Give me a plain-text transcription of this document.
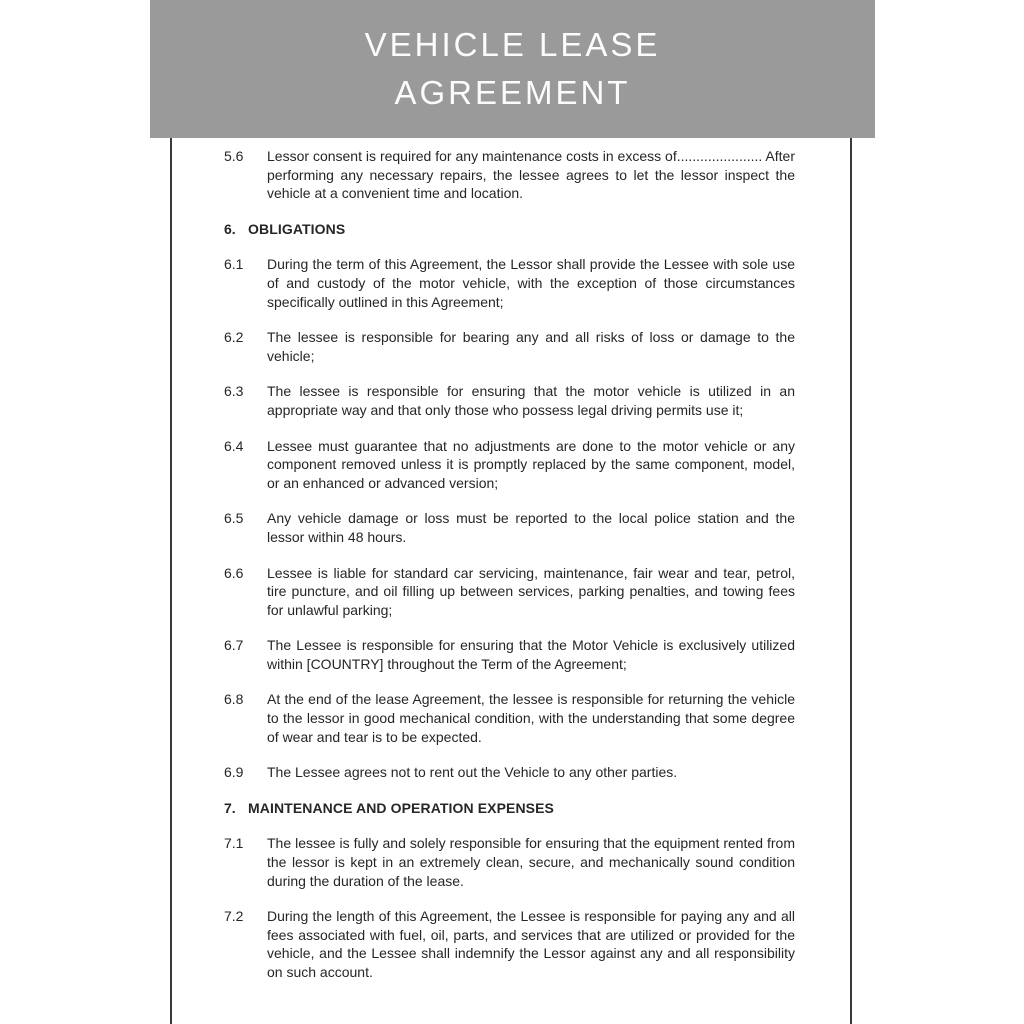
VEHICLE LEASE
AGREEMENT
5.6	Lessor consent is required for any maintenance costs in excess of...................... After performing any necessary repairs, the lessee agrees to let the lessor inspect the vehicle at a convenient time and location.

6. OBLIGATIONS

6.1	During the term of this Agreement, the Lessor shall provide the Lessee with sole use of and custody of the motor vehicle, with the exception of those circumstances specifically outlined in this Agreement;

6.2	The lessee is responsible for bearing any and all risks of loss or damage to the vehicle;

6.3	The lessee is responsible for ensuring that the motor vehicle is utilized in an appropriate way and that only those who possess legal driving permits use it;

6.4	Lessee must guarantee that no adjustments are done to the motor vehicle or any component removed unless it is promptly replaced by the same component, model, or an enhanced or advanced version;

6.5	Any vehicle damage or loss must be reported to the local police station and the lessor within 48 hours.

6.6	Lessee is liable for standard car servicing, maintenance, fair wear and tear, petrol, tire puncture, and oil filling up between services, parking penalties, and towing fees for unlawful parking;

6.7	The Lessee is responsible for ensuring that the Motor Vehicle is exclusively utilized within [COUNTRY] throughout the Term of the Agreement;

6.8	At the end of the lease Agreement, the lessee is responsible for returning the vehicle to the lessor in good mechanical condition, with the understanding that some degree of wear and tear is to be expected.

6.9	The Lessee agrees not to rent out the Vehicle to any other parties.

7. MAINTENANCE AND OPERATION EXPENSES

7.1	The lessee is fully and solely responsible for ensuring that the equipment rented from the lessor is kept in an extremely clean, secure, and mechanically sound condition during the duration of the lease.

7.2	During the length of this Agreement, the Lessee is responsible for paying any and all fees associated with fuel, oil, parts, and services that are utilized or provided for the vehicle, and the Lessee shall indemnify the Lessor against any and all responsibility on such account.
